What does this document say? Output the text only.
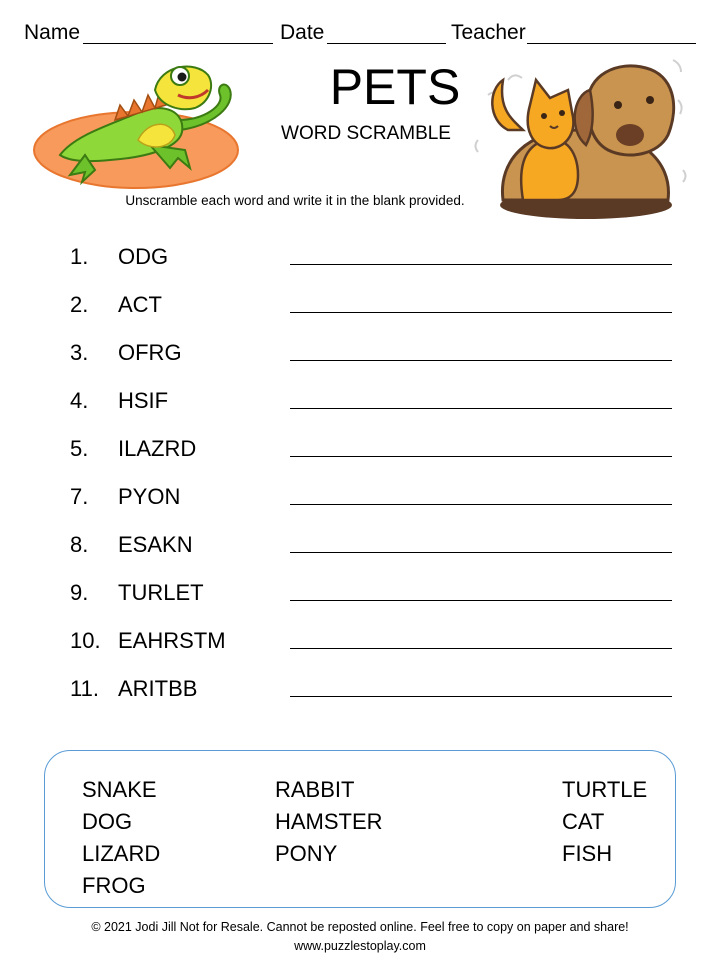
Name	Date	Teacher
PETS
WORD SCRAMBLE
Unscramble each word and write it in the blank provided.
1. ODG
2. ACT
3. OFRG
4. HSIF
5. ILAZRD
7. PYON
8. ESAKN
9. TURLET
10. EAHRSTM
11. ARITBB
SNAKE
DOG
LIZARD
FROG
RABBIT
HAMSTER
PONY
TURTLE
CAT
FISH
© 2021 Jodi Jill Not for Resale. Cannot be reposted online. Feel free to copy on paper and share!
www.puzzlestoplay.com
